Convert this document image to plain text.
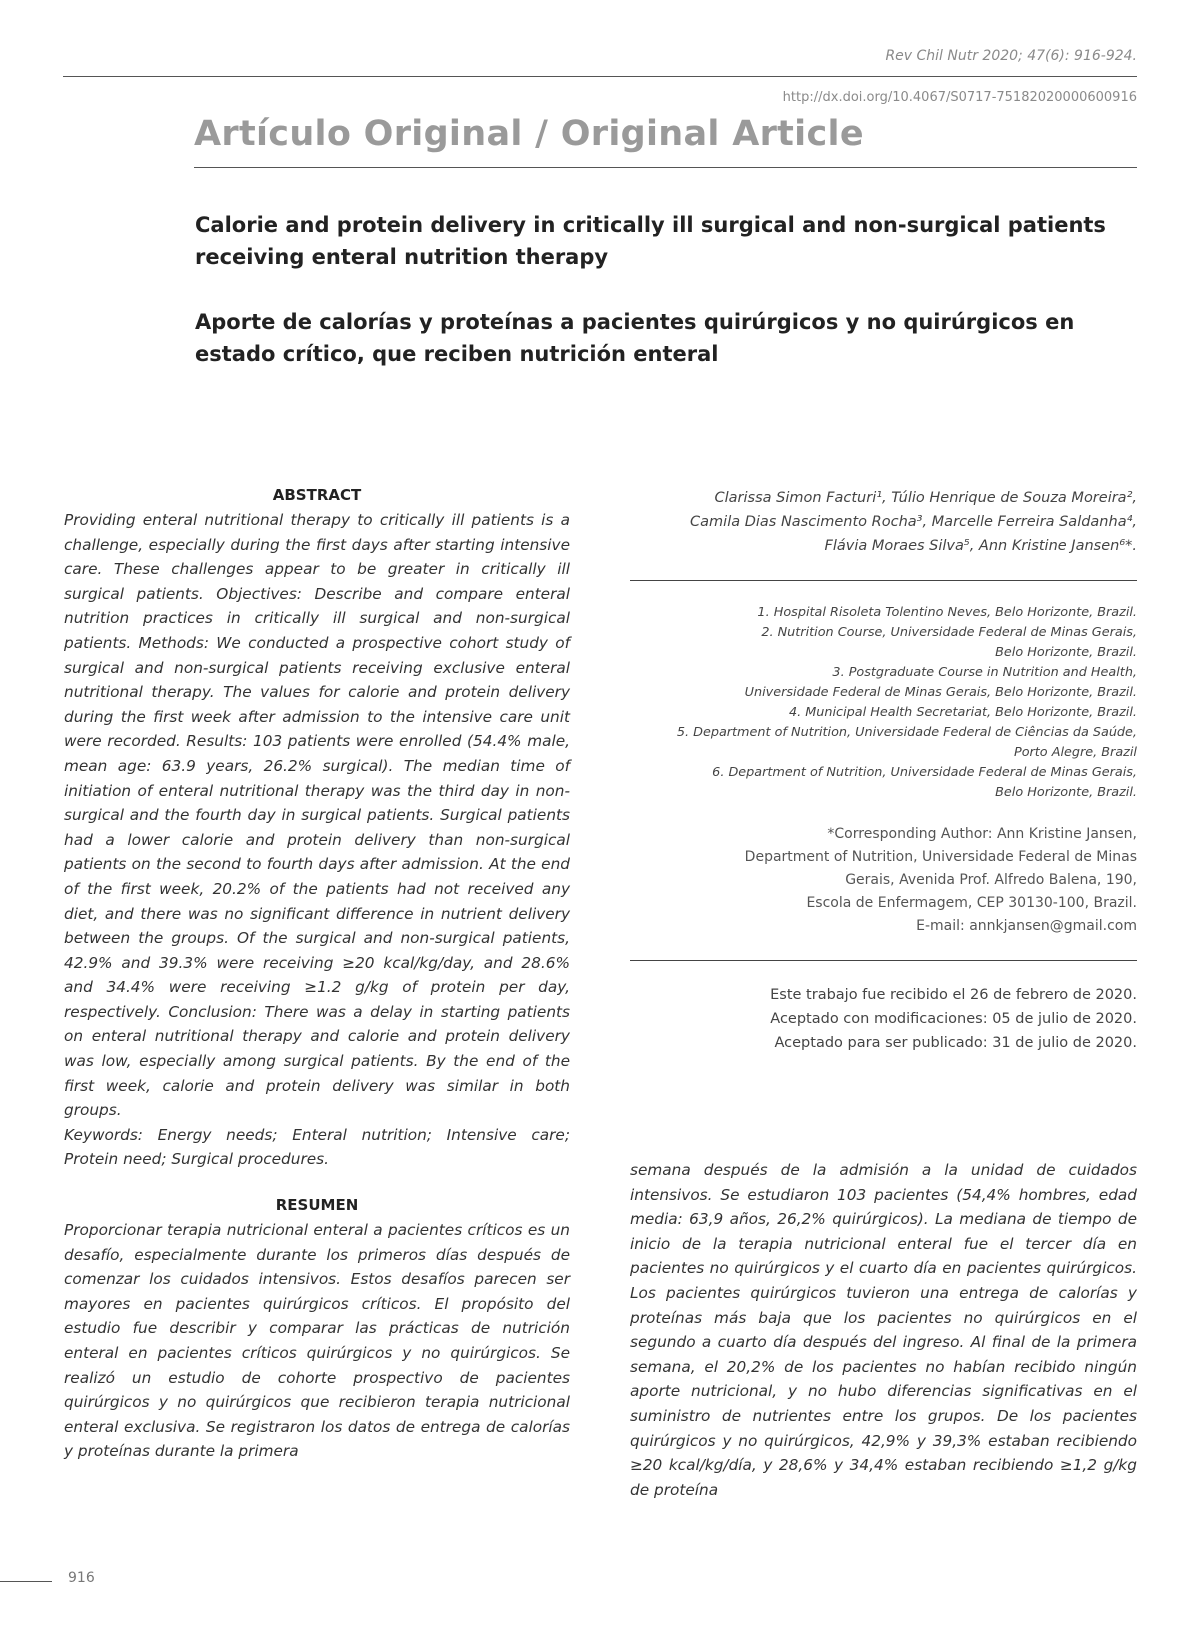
Rev Chil Nutr 2020; 47(6): 916-924.
http://dx.doi.org/10.4067/S0717-75182020000600916
Artículo Original / Original Article
Calorie and protein delivery in critically ill surgical and non-surgical patients receiving enteral nutrition therapy
Aporte de calorías y proteínas a pacientes quirúrgicos y no quirúrgicos en estado crítico, que reciben nutrición enteral
ABSTRACT

Providing enteral nutritional therapy to critically ill patients is a challenge, especially during the first days after starting intensive care. These challenges appear to be greater in critically ill surgical patients. Objectives: Describe and compare enteral nutrition practices in critically ill surgical and non-surgical patients. Methods: We conducted a prospective cohort study of surgical and non-surgical patients receiving exclusive enteral nutritional therapy. The values for calorie and protein delivery during the first week after admission to the intensive care unit were recorded. Results: 103 patients were enrolled (54.4% male, mean age: 63.9 years, 26.2% surgical). The median time of initiation of enteral nutritional therapy was the third day in non-surgical and the fourth day in surgical patients. Surgical patients had a lower calorie and protein delivery than non-surgical patients on the second to fourth days after admission. At the end of the first week, 20.2% of the patients had not received any diet, and there was no significant difference in nutrient delivery between the groups. Of the surgical and non-surgical patients, 42.9% and 39.3% were receiving ≥20 kcal/kg/day, and 28.6% and 34.4% were receiving ≥1.2 g/kg of protein per day, respectively. Conclusion: There was a delay in starting patients on enteral nutritional therapy and calorie and protein delivery was low, especially among surgical patients. By the end of the first week, calorie and protein delivery was similar in both groups.

Keywords: Energy needs; Enteral nutrition; Intensive care; Protein need; Surgical procedures.

RESUMEN

Proporcionar terapia nutricional enteral a pacientes críticos es un desafío, especialmente durante los primeros días después de comenzar los cuidados intensivos. Estos desafíos parecen ser mayores en pacientes quirúrgicos críticos. El propósito del estudio fue describir y comparar las prácticas de nutrición enteral en pacientes críticos quirúrgicos y no quirúrgicos. Se realizó un estudio de cohorte prospectivo de pacientes quirúrgicos y no quirúrgicos que recibieron terapia nutricional enteral exclusiva. Se registraron los datos de entrega de calorías y proteínas durante la primera

Clarissa Simon Facturi¹, Túlio Henrique de Souza Moreira²,
Camila Dias Nascimento Rocha³, Marcelle Ferreira Saldanha⁴,
Flávia Moraes Silva⁵, Ann Kristine Jansen⁶*.

1. Hospital Risoleta Tolentino Neves, Belo Horizonte, Brazil.
2. Nutrition Course, Universidade Federal de Minas Gerais,
Belo Horizonte, Brazil.
3. Postgraduate Course in Nutrition and Health,
Universidade Federal de Minas Gerais, Belo Horizonte, Brazil.
4. Municipal Health Secretariat, Belo Horizonte, Brazil.
5. Department of Nutrition, Universidade Federal de Ciências da Saúde,
Porto Alegre, Brazil
6. Department of Nutrition, Universidade Federal de Minas Gerais,
Belo Horizonte, Brazil.

*Corresponding Author: Ann Kristine Jansen,
Department of Nutrition, Universidade Federal de Minas
Gerais, Avenida Prof. Alfredo Balena, 190,
Escola de Enfermagem, CEP 30130-100, Brazil.
E-mail: annkjansen@gmail.com

Este trabajo fue recibido el 26 de febrero de 2020.
Aceptado con modificaciones: 05 de julio de 2020.
Aceptado para ser publicado: 31 de julio de 2020.

semana después de la admisión a la unidad de cuidados intensivos. Se estudiaron 103 pacientes (54,4% hombres, edad media: 63,9 años, 26,2% quirúrgicos). La mediana de tiempo de inicio de la terapia nutricional enteral fue el tercer día en pacientes no quirúrgicos y el cuarto día en pacientes quirúrgicos. Los pacientes quirúrgicos tuvieron una entrega de calorías y proteínas más baja que los pacientes no quirúrgicos en el segundo a cuarto día después del ingreso. Al final de la primera semana, el 20,2% de los pacientes no habían recibido ningún aporte nutricional, y no hubo diferencias significativas en el suministro de nutrientes entre los grupos. De los pacientes quirúrgicos y no quirúrgicos, 42,9% y 39,3% estaban recibiendo ≥20 kcal/kg/día, y 28,6% y 34,4% estaban recibiendo ≥1,2 g/kg de proteína

916
